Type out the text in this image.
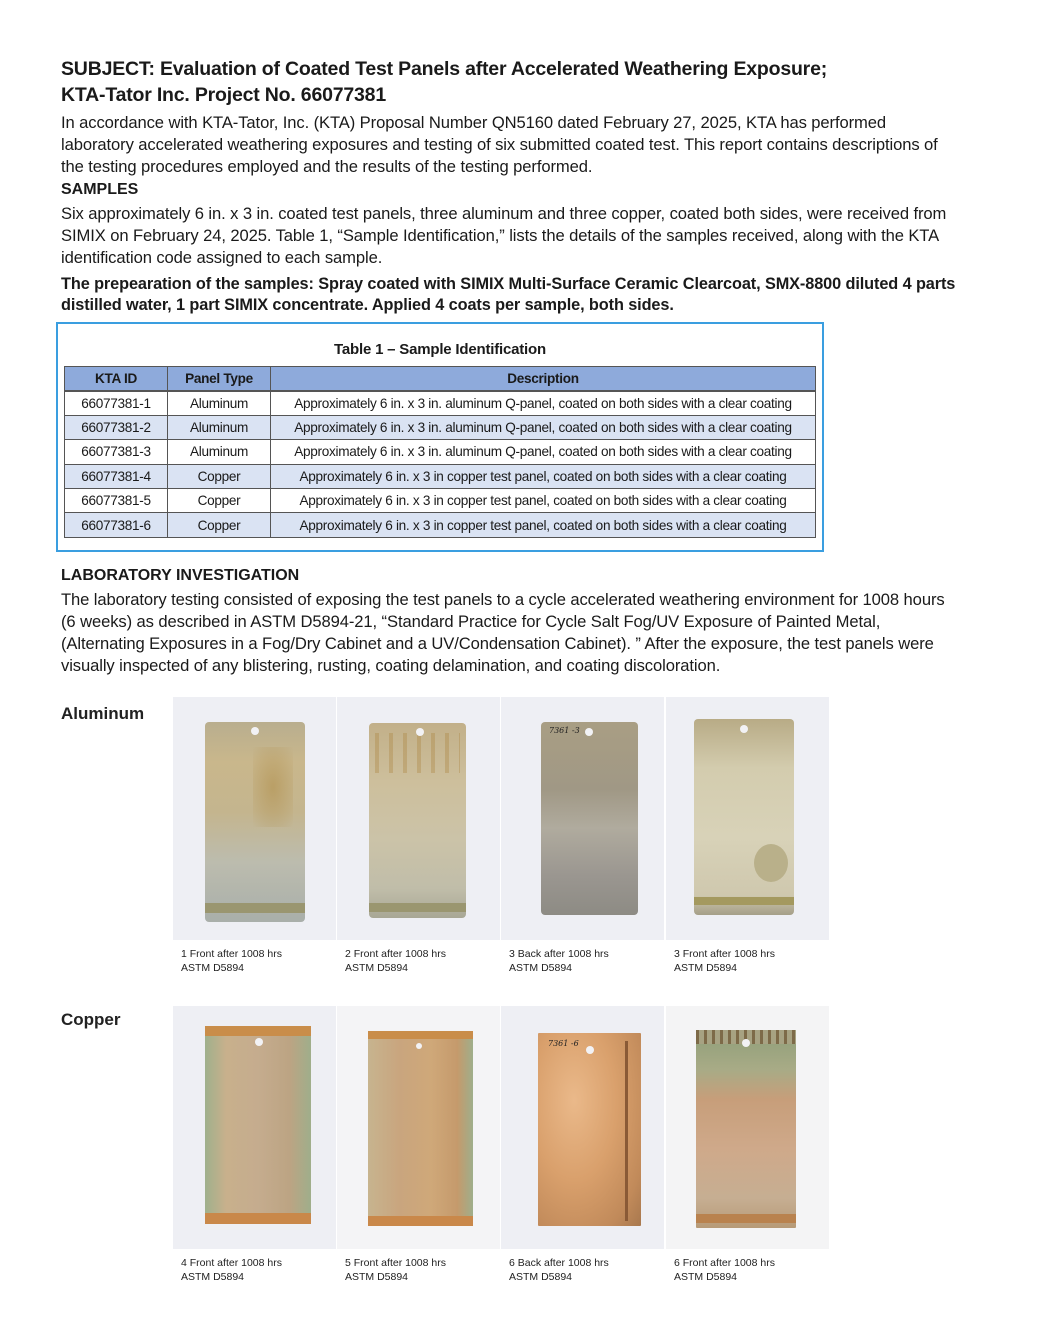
SUBJECT: Evaluation of Coated Test Panels after Accelerated Weathering Exposure;
KTA-Tator Inc. Project No. 66077381

In accordance with KTA-Tator, Inc. (KTA) Proposal Number QN5160 dated February 27, 2025, KTA has performed laboratory accelerated weathering exposures and testing of six submitted coated test. This report contains descriptions of the testing procedures employed and the results of the testing performed.

SAMPLES

Six approximately 6 in. x 3 in. coated test panels, three aluminum and three copper, coated both sides, were received from SIMIX on February 24, 2025. Table 1, “Sample Identification,” lists the details of the samples received, along with the KTA identification code assigned to each sample.

The prepearation of the samples: Spray coated with SIMIX Multi-Surface Ceramic Clearcoat, SMX-8800 diluted 4 parts distilled water, 1 part SIMIX concentrate. Applied 4 coats per sample, both sides.

Table 1 – Sample Identification
KTA ID	Panel Type	Description
66077381-1	Aluminum	Approximately 6 in. x 3 in. aluminum Q-panel, coated on both sides with a clear coating
66077381-2	Aluminum	Approximately 6 in. x 3 in. aluminum Q-panel, coated on both sides with a clear coating
66077381-3	Aluminum	Approximately 6 in. x 3 in. aluminum Q-panel, coated on both sides with a clear coating
66077381-4	Copper	Approximately 6 in. x 3 in copper test panel, coated on both sides with a clear coating
66077381-5	Copper	Approximately 6 in. x 3 in copper test panel, coated on both sides with a clear coating
66077381-6	Copper	Approximately 6 in. x 3 in copper test panel, coated on both sides with a clear coating
LABORATORY INVESTIGATION

The laboratory testing consisted of exposing the test panels to a cycle accelerated weathering environment for 1008 hours (6 weeks) as described in ASTM D5894-21, “Standard Practice for Cycle Salt Fog/UV Exposure of Painted Metal, (Alternating Exposures in a Fog/Dry Cabinet and a UV/Condensation Cabinet). ” After the exposure, the test panels were visually inspected of any blistering, rusting, coating delamination, and coating discoloration.

Aluminum
1 Front after 1008 hrs
ASTM D5894
2 Front after 1008 hrs
ASTM D5894
7361 -3
3 Back after 1008 hrs
ASTM D5894
3 Front after 1008 hrs
ASTM D5894
Copper
4 Front after 1008 hrs
ASTM D5894
5 Front after 1008 hrs
ASTM D5894
7361 -6
6 Back after 1008 hrs
ASTM D5894
6 Front after 1008 hrs
ASTM D5894
